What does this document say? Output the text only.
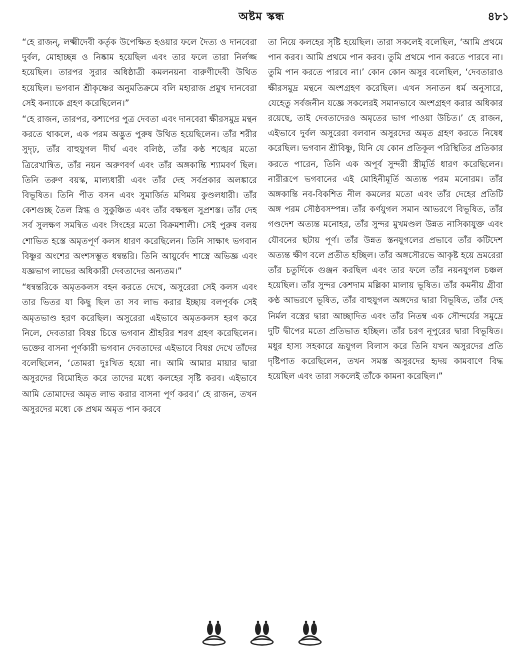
অষ্টম স্কন্ধ	৪৮১

“হে রাজন্, লক্ষ্মীদেবী কর্তৃক উপেক্ষিত হওয়ার ফলে দৈত্য ও দানবেরা দুর্বল, মোহাচ্ছন্ন ও নিষ্কাম হয়েছিল এবং তার ফলে তারা নির্লজ্জ হয়েছিল। তারপর সুরার অধিষ্ঠাত্রী কমলনয়না বারুণীদেবী উথিত হয়েছিল। ভগবান শ্রীকৃষ্ণের অনুমতিক্রমে বলি মহারাজ প্রমুখ দানবেরা সেই কন্যাকে গ্রহণ করেছিলেন।”

“হে রাজন, তারপর, কশ্যপের পুত্র দেবতা এবং দানবেরা ক্ষীরসমুদ্র মন্থন করতে থাকলে, এক পরম অদ্ভুত পুরুষ উথিত হয়েছিলেন। তাঁর শরীর সুদৃঢ়, তাঁর বাহুযুগল দীর্ঘ এবং বলিষ্ঠ, তাঁর কণ্ঠ শঙ্খের মতো ত্রিরেখান্বিত, তাঁর নয়ন অরুণবর্ণ এবং তাঁর অঙ্গকান্তি শ্যামবর্ণ ছিল। তিনি তরুণ বয়স্ক, মাল্যধারী এবং তাঁর দেহ সর্বপ্রকার অলঙ্কারে বিভূষিত। তিনি পীত বসন এবং সুমার্জিত মণিময় কুণ্ডলধারী। তাঁর কেশগুচ্ছ তৈল স্নিগ্ধ ও সুকুঞ্চিত এবং তাঁর বক্ষস্থল সুপ্রশস্ত। তাঁর দেহ সর্ব সুলক্ষণ সমন্বিত এবং সিংহের মতো বিক্রমশালী। সেই পুরুষ বলয় শোভিত হস্তে অমৃতপূর্ণ কলস ধারণ করেছিলেন। তিনি সাক্ষাৎ ভগবান বিষ্ণুর অংশের অংশসম্ভূত ধন্বন্তরি। তিনি আয়ুর্বেদ শাস্ত্রে অভিজ্ঞ এবং যজ্ঞভাগ লাভের অধিকারী দেবতাদের অন্যতম।”

“ধন্বন্তরিকে অমৃতকলস বহন করতে দেখে, অসুরেরা সেই কলস এবং তার ভিতর যা কিছু ছিল তা সব লাভ করার ইচ্ছায় বলপূর্বক সেই অমৃতভাণ্ড হরণ করেছিল। অসুরেরা এইভাবে অমৃতকলস হরণ করে নিলে, দেবতারা বিষণ্ণ চিত্তে ভগবান শ্রীহরির শরণ গ্রহণ করেছিলেন। ভক্তের বাসনা পূর্ণকারী ভগবান দেবতাদের এইভাবে বিষণ্ণ দেখে তাঁদের বলেছিলেন, ‘তোমরা দুঃখিত হয়ো না। আমি আমার মায়ার দ্বারা অসুরদের বিমোহিত করে তাদের মধ্যে কলহের সৃষ্টি করব। এইভাবে আমি তোমাদের অমৃত লাভ করার বাসনা পূর্ণ করব।’ হে রাজন, তখন অসুরদের মধ্যে কে প্রথম অমৃত পান করবে

তা নিয়ে কলহের সৃষ্টি হয়েছিল। তারা সকলেই বলেছিল, ‘আমি প্রথমে পান করব। আমি প্রথমে পান করব। তুমি প্রথমে পান করতে পারবে না। তুমি পান করতে পারবে না।’ কোন কোন অসুর বলেছিল, ‘দেবতারাও ক্ষীরসমুদ্র মন্থনে অংশগ্রহণ করেছিল। এখন সনাতন ধর্ম অনুসারে, যেহেতু সর্বজনীন যজ্ঞে সকলেরই সমানভাবে অংশগ্রহণ করার অধিকার রয়েছে, তাই দেবতাদেরও অমৃতের ভাগ পাওয়া উচিত।’ হে রাজন, এইভাবে দুর্বল অসুরেরা বলবান অসুরদের অমৃত গ্রহণ করতে নিষেধ করেছিল। ভগবান শ্রীবিষ্ণু, যিনি যে কোন প্রতিকূল পরিস্থিতির প্রতিকার করতে পারেন, তিনি এক অপূর্ব সুন্দরী স্ত্রীমূর্তি ধারণ করেছিলেন। নারীরূপে ভগবানের এই মোহিনীমূর্তি অত্যন্ত পরম মনোরম। তাঁর অঙ্গকান্তি নব-বিকশিত নীল কমলের মতো এবং তাঁর দেহের প্রতিটি অঙ্গ পরম সৌষ্ঠবসম্পন্ন। তাঁর কর্ণযুগল সমান আভরণে বিভূষিত, তাঁর গণ্ডদেশ অত্যন্ত মনোহর, তাঁর সুন্দর মুখমণ্ডল উন্নত নাসিকাযুক্ত এবং যৌবনের ছটায় পূর্ণ। তাঁর উন্নত স্তনযুগলের প্রভাবে তাঁর কটিদেশ অত্যন্ত ক্ষীণ বলে প্রতীত হচ্ছিল। তাঁর অঙ্গসৌরভে আকৃষ্ট হয়ে ভ্রমরেরা তাঁর চতুর্দিকে গুঞ্জন করছিল এবং তার ফলে তাঁর নয়নযুগল চঞ্চল হয়েছিল। তাঁর সুন্দর কেশদাম মল্লিকা মালায় ভূষিত। তাঁর কমনীয় গ্রীবা কণ্ঠ আভরণে ভূষিত, তাঁর বাহুযুগল অঙ্গদের দ্বারা বিভূষিত, তাঁর দেহ নির্মল বস্ত্রের দ্বারা আচ্ছাদিত এবং তাঁর নিতম্ব এক সৌন্দর্যের সমুদ্রে দুটি দ্বীপের মতো প্রতিভাত হচ্ছিল। তাঁর চরণ নূপুরের দ্বারা বিভূষিত। মধুর হাস্য সহকারে ভ্রূযুগল বিলাস করে তিনি যখন অসুরদের প্রতি দৃষ্টিপাত করেছিলেন, তখন সমস্ত অসুরদের হৃদয় কামবাণে বিদ্ধ হয়েছিল এবং তারা সকলেই তাঁকে কামনা করেছিল।”
